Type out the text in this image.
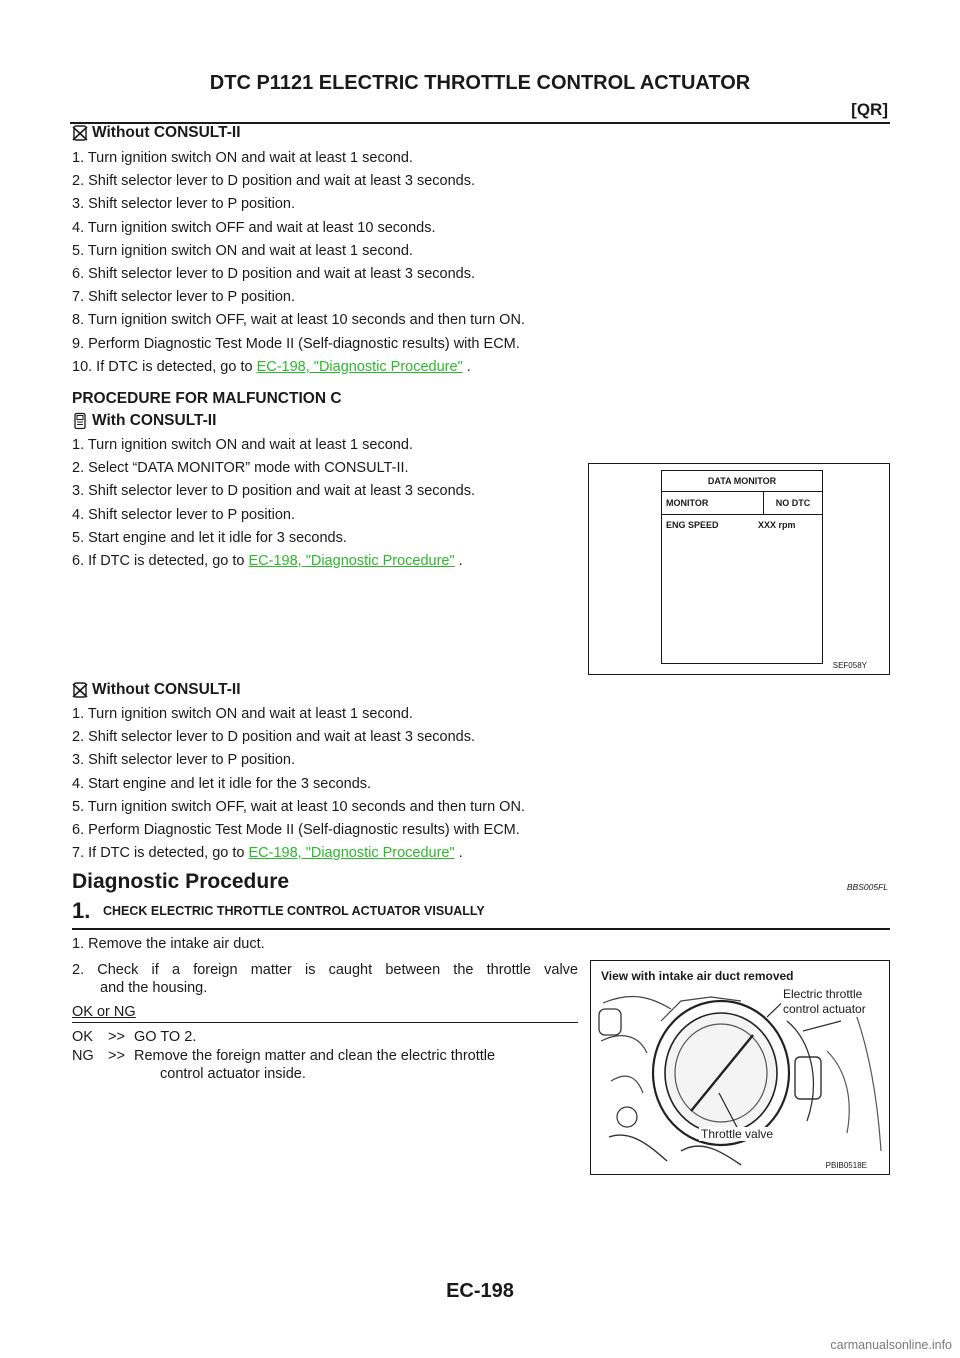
DTC P1121 ELECTRIC THROTTLE CONTROL ACTUATOR
[QR]
Without CONSULT-II
1. Turn ignition switch ON and wait at least 1 second.
2. Shift selector lever to D position and wait at least 3 seconds.
3. Shift selector lever to P position.
4. Turn ignition switch OFF and wait at least 10 seconds.
5. Turn ignition switch ON and wait at least 1 second.
6. Shift selector lever to D position and wait at least 3 seconds.
7. Shift selector lever to P position.
8. Turn ignition switch OFF, wait at least 10 seconds and then turn ON.
9. Perform Diagnostic Test Mode II (Self-diagnostic results) with ECM.
10. If DTC is detected, go to EC-198, "Diagnostic Procedure" .
PROCEDURE FOR MALFUNCTION C
With CONSULT-II
1. Turn ignition switch ON and wait at least 1 second.
2. Select “DATA MONITOR” mode with CONSULT-II.
3. Shift selector lever to D position and wait at least 3 seconds.
4. Shift selector lever to P position.
5. Start engine and let it idle for 3 seconds.
6. If DTC is detected, go to EC-198, "Diagnostic Procedure" .
DATA MONITOR
MONITOR	NO DTC
ENG SPEED	XXX rpm
SEF058Y
Without CONSULT-II
1. Turn ignition switch ON and wait at least 1 second.
2. Shift selector lever to D position and wait at least 3 seconds.
3. Shift selector lever to P position.
4. Start engine and let it idle for the 3 seconds.
5. Turn ignition switch OFF, wait at least 10 seconds and then turn ON.
6. Perform Diagnostic Test Mode II (Self-diagnostic results) with ECM.
7. If DTC is detected, go to EC-198, "Diagnostic Procedure" .
Diagnostic Procedure	BBS005FL
1. CHECK ELECTRIC THROTTLE CONTROL ACTUATOR VISUALLY
1. Remove the intake air duct.
2. Check if a foreign matter is caught between the throttle valve
and the housing.
OK or NG
OK	>> GO TO 2.
NG >> Remove the foreign matter and clean the electric throttle
control actuator inside.
View with intake air duct removed
Electric throttle
control actuator
Throttle valve
PBIB0518E
EC-198
carmanualsonline.info
